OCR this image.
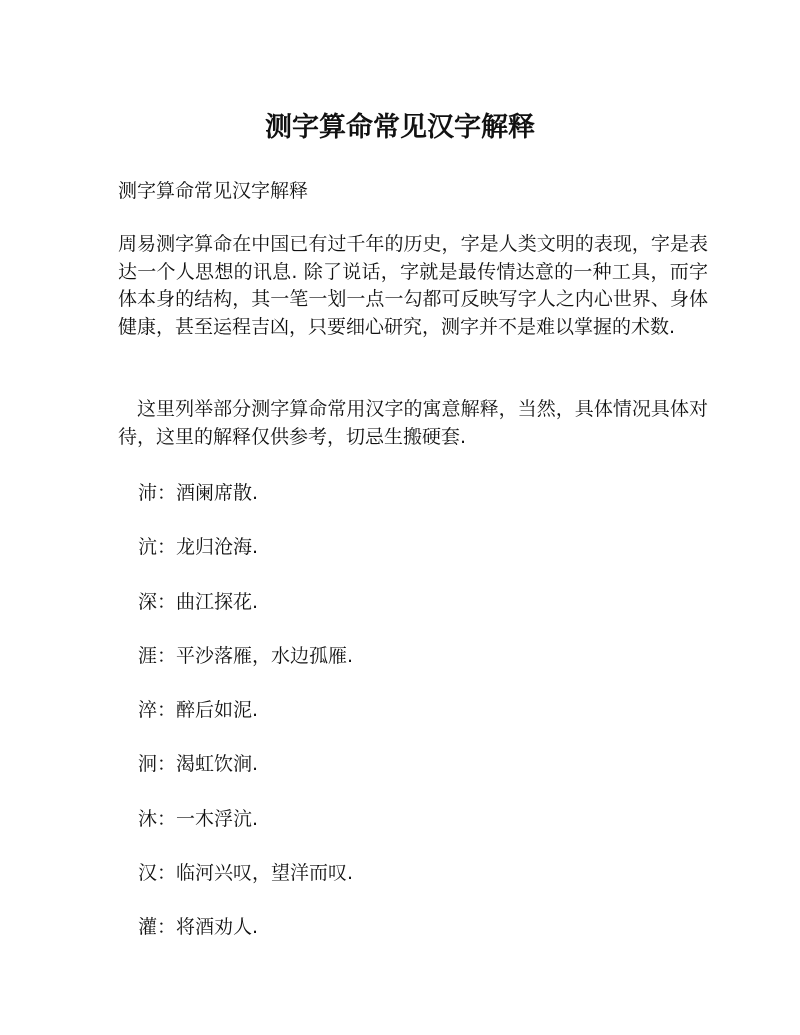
测字算命常见汉字解释

测字算命常见汉字解释

周易测字算命在中国已有过千年的历史，字是人类文明的表现，字是表达一个人思想的讯息. 除了说话，字就是最传情达意的一种工具，而字体本身的结构，其一笔一划一点一勾都可反映写字人之内心世界、身体健康，甚至运程吉凶，只要细心研究，测字并不是难以掌握的术数.

这里列举部分测字算命常用汉字的寓意解释，当然，具体情况具体对待，这里的解释仅供参考，切忌生搬硬套.

沛：酒阑席散.
沆：龙归沧海.
深：曲江探花.
涯：平沙落雁，水边孤雁.
淬：醉后如泥.
泂：渴虹饮涧.
沐：一木浮沆.
汉：临河兴叹，望洋而叹.
灌：将酒劝人.
